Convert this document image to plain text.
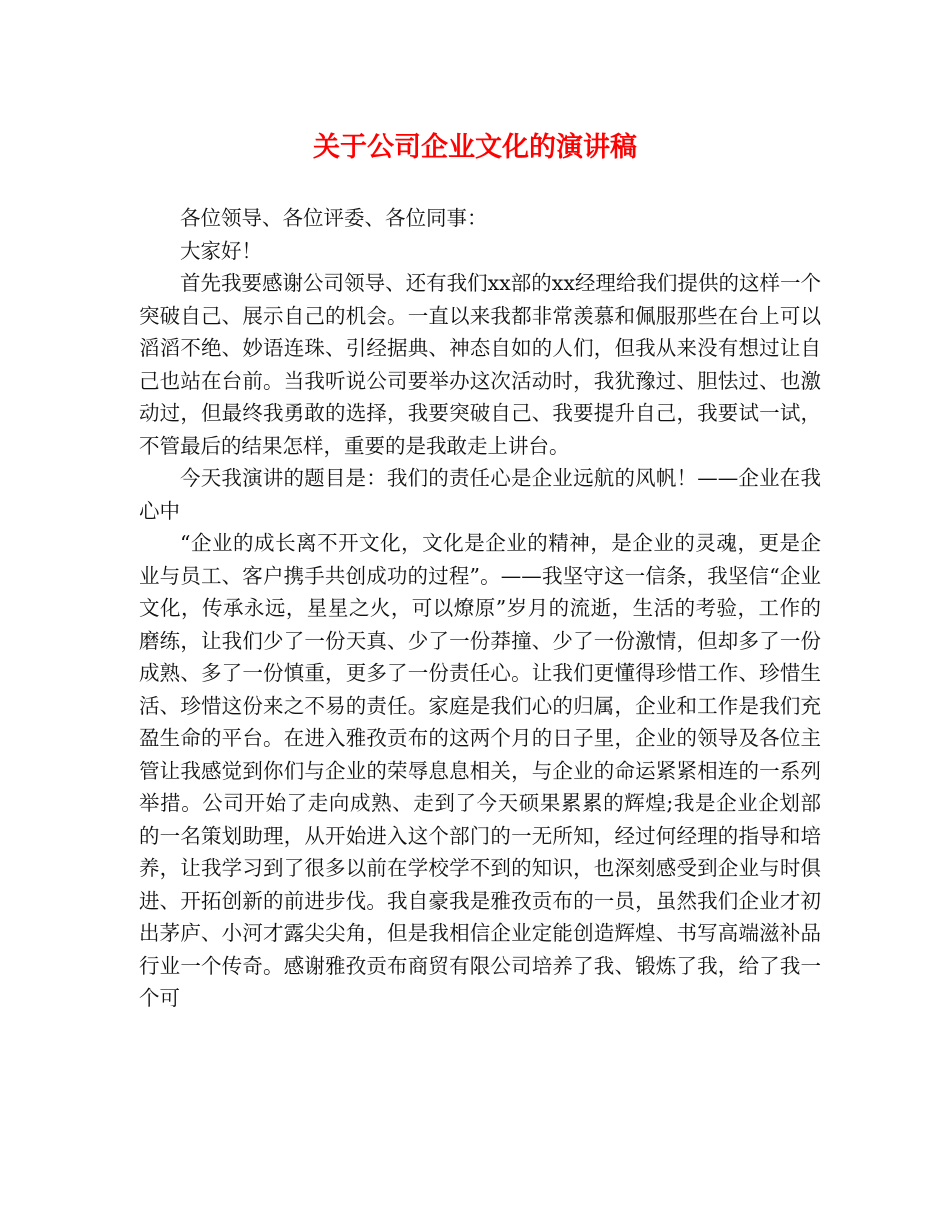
关于公司企业文化的演讲稿

各位领导、各位评委、各位同事：

大家好！

首先我要感谢公司领导、还有我们xx部的xx经理给我们提供的这样一个突破自己、展示自己的机会。一直以来我都非常羡慕和佩服那些在台上可以滔滔不绝、妙语连珠、引经据典、神态自如的人们，但我从来没有想过让自己也站在台前。当我听说公司要举办这次活动时，我犹豫过、胆怯过、也激动过，但最终我勇敢的选择，我要突破自己、我要提升自己，我要试一试，不管最后的结果怎样，重要的是我敢走上讲台。

今天我演讲的题目是：我们的责任心是企业远航的风帆！——企业在我心中

“企业的成长离不开文化，文化是企业的精神，是企业的灵魂，更是企业与员工、客户携手共创成功的过程”。——我坚守这一信条，我坚信“企业文化，传承永远，星星之火，可以燎原”岁月的流逝，生活的考验，工作的磨练，让我们少了一份天真、少了一份莽撞、少了一份激情，但却多了一份成熟、多了一份慎重，更多了一份责任心。让我们更懂得珍惜工作、珍惜生活、珍惜这份来之不易的责任。家庭是我们心的归属，企业和工作是我们充盈生命的平台。在进入雅孜贡布的这两个月的日子里，企业的领导及各位主管让我感觉到你们与企业的荣辱息息相关，与企业的命运紧紧相连的一系列举措。公司开始了走向成熟、走到了今天硕果累累的辉煌;我是企业企划部的一名策划助理，从开始进入这个部门的一无所知，经过何经理的指导和培养，让我学习到了很多以前在学校学不到的知识，也深刻感受到企业与时俱进、开拓创新的前进步伐。我自豪我是雅孜贡布的一员，虽然我们企业才初出茅庐、小河才露尖尖角，但是我相信企业定能创造辉煌、书写高端滋补品行业一个传奇。感谢雅孜贡布商贸有限公司培养了我、锻炼了我，给了我一个可
